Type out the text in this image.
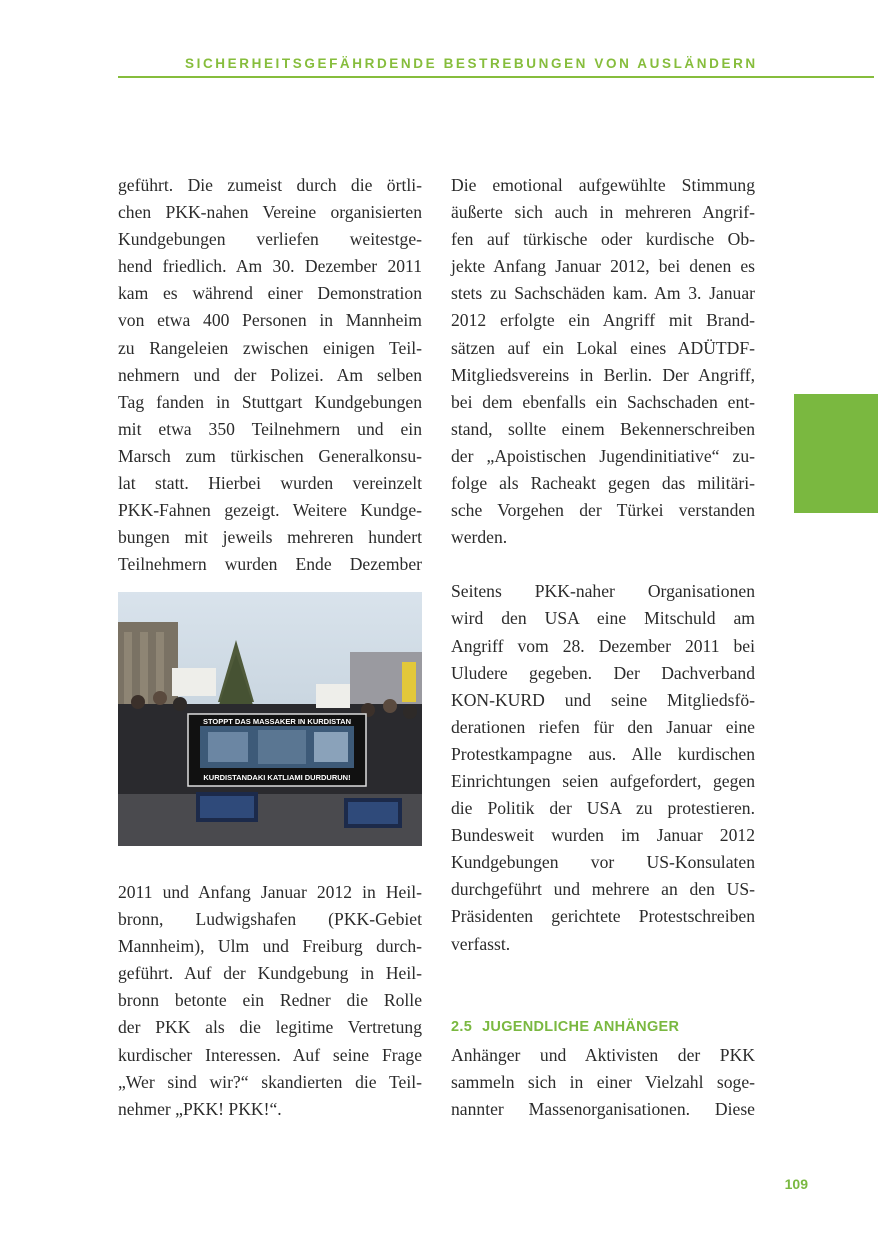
SICHERHEITSGEFÄHRDENDE BESTREBUNGEN VON AUSLÄNDERN
geführt. Die zumeist durch die örtli-
chen PKK-nahen Vereine organisierten
Kundgebungen verliefen weitestge-
hend friedlich. Am 30. Dezember 2011
kam es während einer Demonstration
von etwa 400 Personen in Mannheim
zu Rangeleien zwischen einigen Teil-
nehmern und der Polizei. Am selben
Tag fanden in Stuttgart Kundgebungen
mit etwa 350 Teilnehmern und ein
Marsch zum türkischen Generalkonsu-
lat statt. Hierbei wurden vereinzelt
PKK-Fahnen gezeigt. Weitere Kundge-
bungen mit jeweils mehreren hundert
Teilnehmern wurden Ende Dezember
STOPPT DAS MASSAKER IN KURDISTAN
KURDISTANDAKI KATLIAMI DURDURUN!
2011 und Anfang Januar 2012 in Heil-
bronn, Ludwigshafen (PKK-Gebiet
Mannheim), Ulm und Freiburg durch-
geführt. Auf der Kundgebung in Heil-
bronn betonte ein Redner die Rolle
der PKK als die legitime Vertretung
kurdischer Interessen. Auf seine Frage
„Wer sind wir?“ skandierten die Teil-
nehmer „PKK! PKK!“.
Die emotional aufgewühlte Stimmung
äußerte sich auch in mehreren Angrif-
fen auf türkische oder kurdische Ob-
jekte Anfang Januar 2012, bei denen es
stets zu Sachschäden kam. Am 3. Januar
2012 erfolgte ein Angriff mit Brand-
sätzen auf ein Lokal eines ADÜTDF-
Mitgliedsvereins in Berlin. Der Angriff,
bei dem ebenfalls ein Sachschaden ent-
stand, sollte einem Bekennerschreiben
der „Apoistischen Jugendinitiative“ zu-
folge als Racheakt gegen das militäri-
sche Vorgehen der Türkei verstanden
werden.
Seitens PKK-naher Organisationen
wird den USA eine Mitschuld am
Angriff vom 28. Dezember 2011 bei
Uludere gegeben. Der Dachverband
KON-KURD und seine Mitgliedsfö-
derationen riefen für den Januar eine
Protestkampagne aus. Alle kurdischen
Einrichtungen seien aufgefordert, gegen
die Politik der USA zu protestieren.
Bundesweit wurden im Januar 2012
Kundgebungen vor US-Konsulaten
durchgeführt und mehrere an den US-
Präsidenten gerichtete Protestschreiben
verfasst.
2.5 JUGENDLICHE ANHÄNGER
Anhänger und Aktivisten der PKK
sammeln sich in einer Vielzahl soge-
nannter Massenorganisationen. Diese
109
